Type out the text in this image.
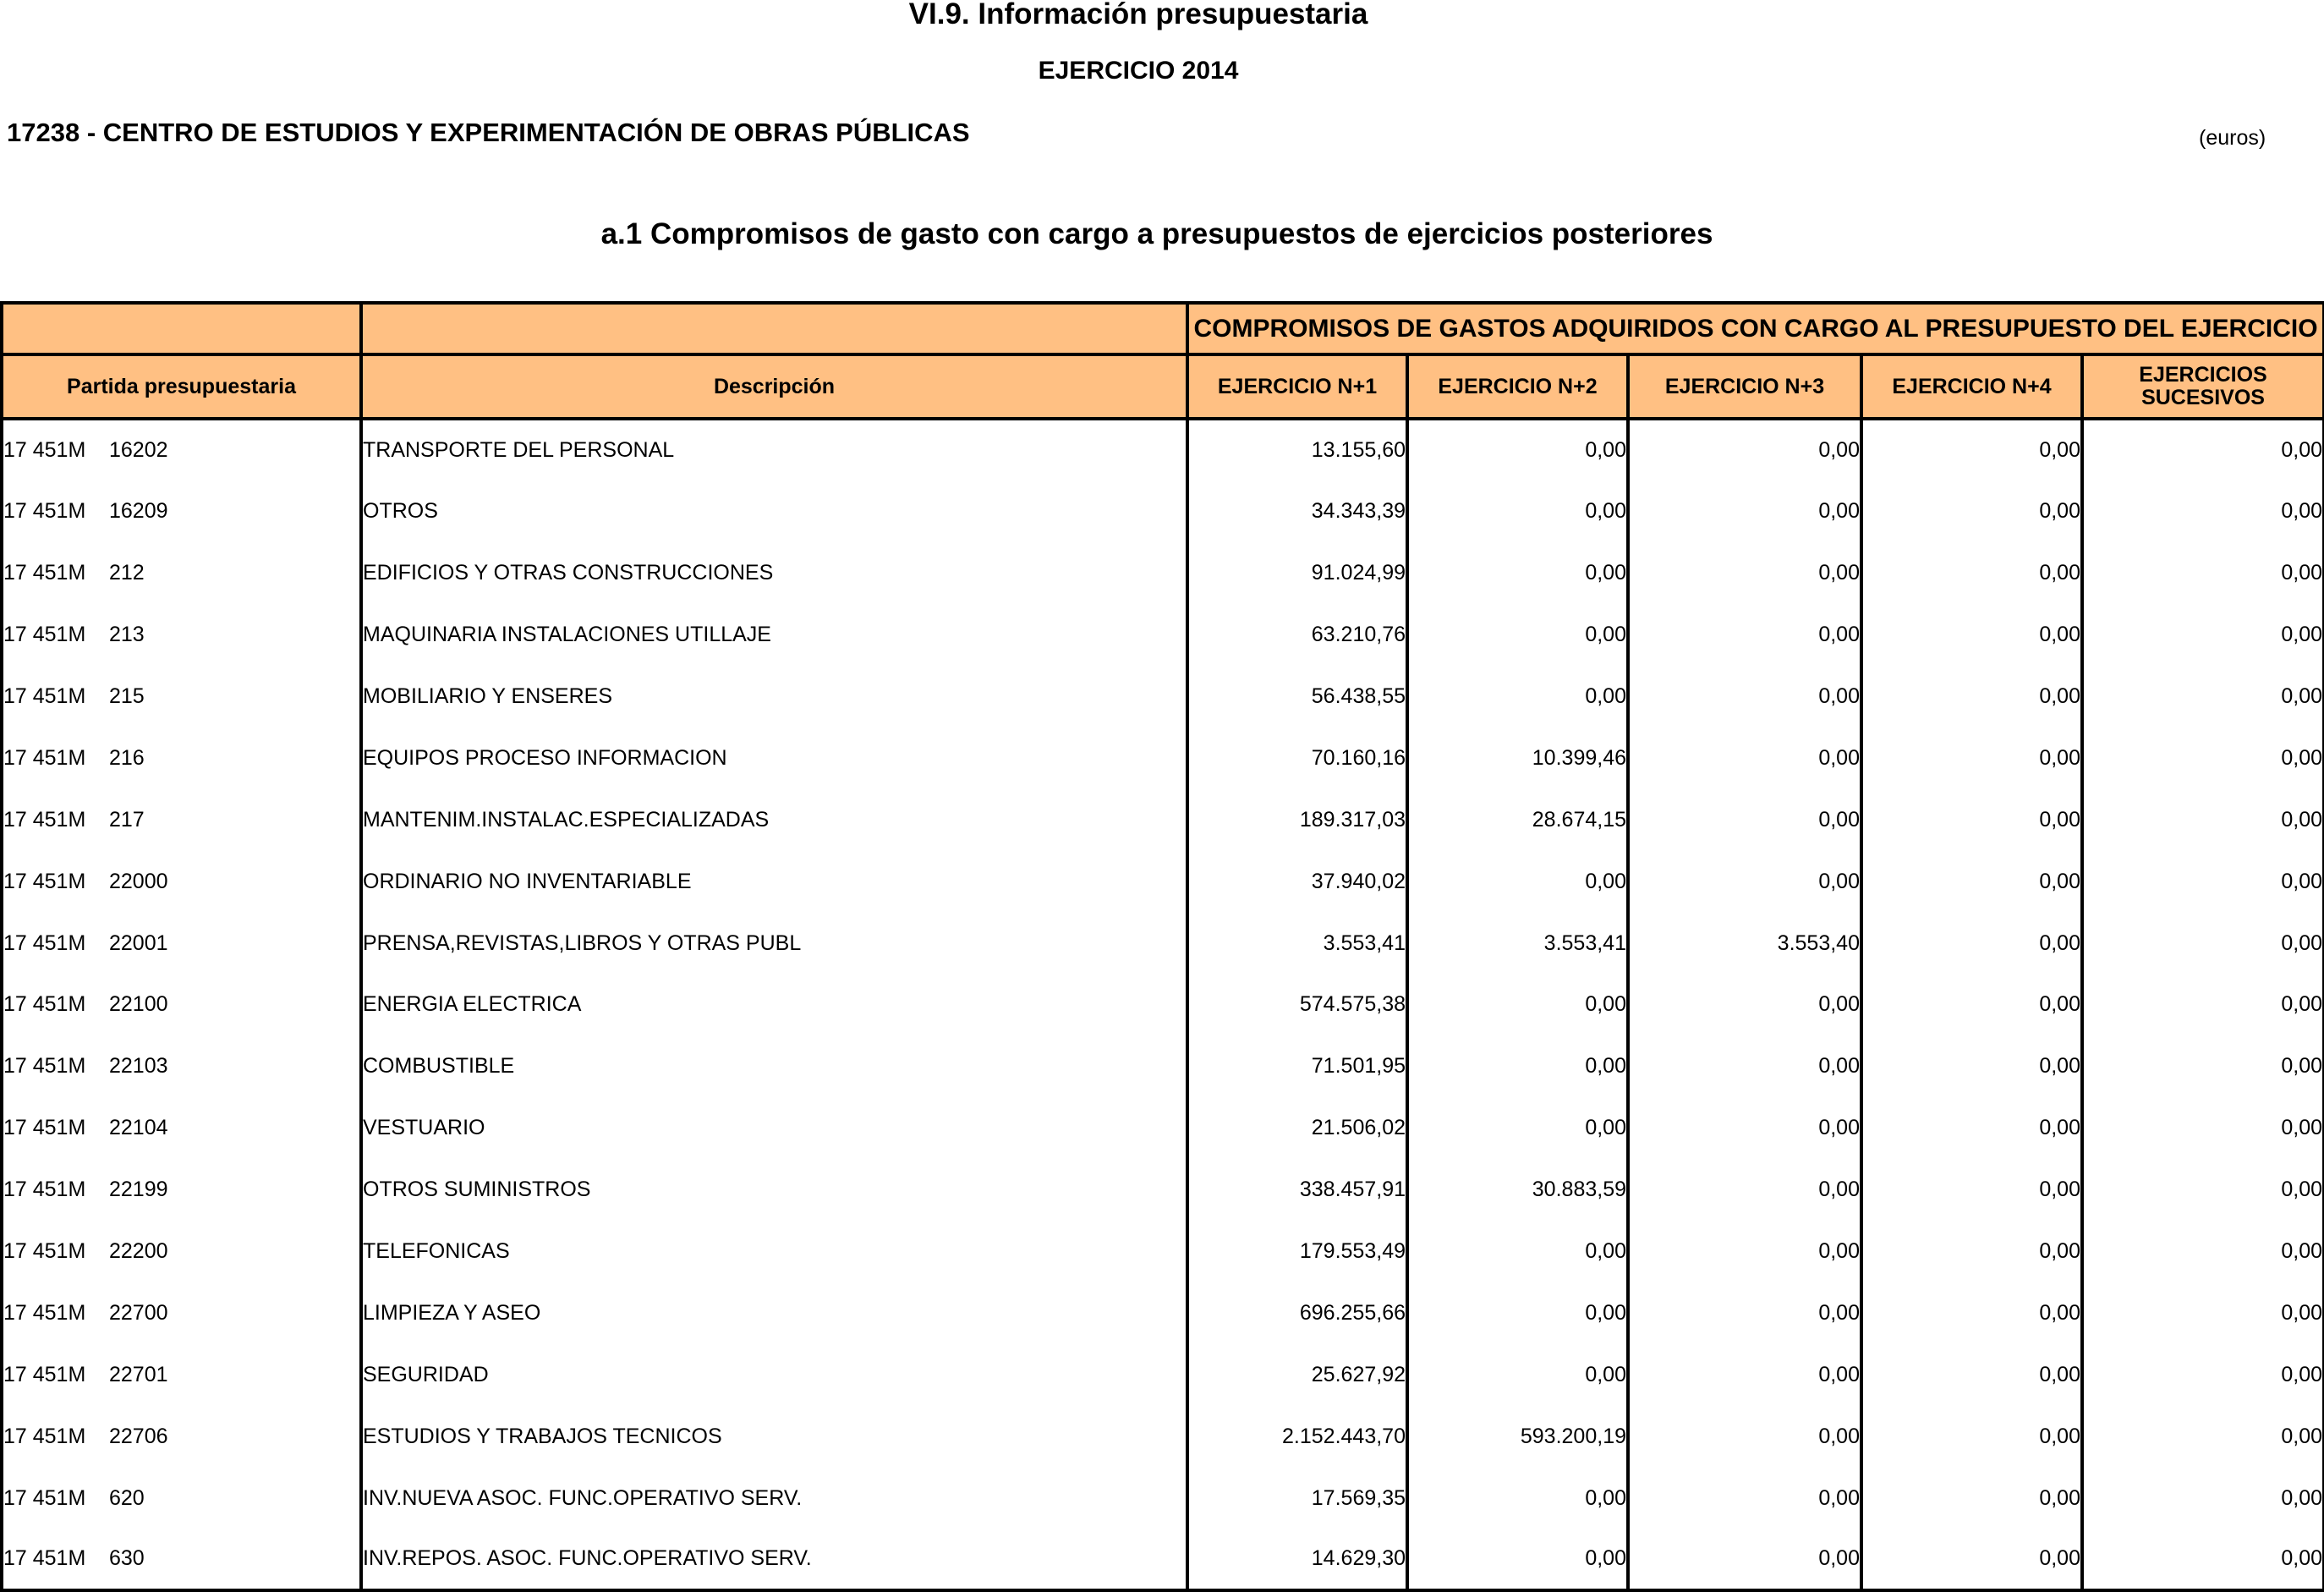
VI.9. Información presupuestaria
EJERCICIO 2014
17238 - CENTRO DE ESTUDIOS Y EXPERIMENTACIÓN DE OBRAS PÚBLICAS	(euros)
a.1 Compromisos de gasto con cargo a presupuestos de ejercicios posteriores
		COMPROMISOS DE GASTOS ADQUIRIDOS CON CARGO AL PRESUPUESTO DEL EJERCICIO				
Partida presupuestaria	Descripción	EJERCICIO N+1	EJERCICIO N+2	EJERCICIO N+3	EJERCICIO N+4	EJERCICIOS SUCESIVOS
17 451M 16202	TRANSPORTE DEL PERSONAL	13.155,60	0,00	0,00	0,00	0,00
17 451M 16209	OTROS	34.343,39	0,00	0,00	0,00	0,00
17 451M 212	EDIFICIOS Y OTRAS CONSTRUCCIONES	91.024,99	0,00	0,00	0,00	0,00
17 451M 213	MAQUINARIA INSTALACIONES UTILLAJE	63.210,76	0,00	0,00	0,00	0,00
17 451M 215	MOBILIARIO Y ENSERES	56.438,55	0,00	0,00	0,00	0,00
17 451M 216	EQUIPOS PROCESO INFORMACION	70.160,16	10.399,46	0,00	0,00	0,00
17 451M 217	MANTENIM.INSTALAC.ESPECIALIZADAS	189.317,03	28.674,15	0,00	0,00	0,00
17 451M 22000	ORDINARIO NO INVENTARIABLE	37.940,02	0,00	0,00	0,00	0,00
17 451M 22001	PRENSA,REVISTAS,LIBROS Y OTRAS PUBL	3.553,41	3.553,41	3.553,40	0,00	0,00
17 451M 22100	ENERGIA ELECTRICA	574.575,38	0,00	0,00	0,00	0,00
17 451M 22103	COMBUSTIBLE	71.501,95	0,00	0,00	0,00	0,00
17 451M 22104	VESTUARIO	21.506,02	0,00	0,00	0,00	0,00
17 451M 22199	OTROS SUMINISTROS	338.457,91	30.883,59	0,00	0,00	0,00
17 451M 22200	TELEFONICAS	179.553,49	0,00	0,00	0,00	0,00
17 451M 22700	LIMPIEZA Y ASEO	696.255,66	0,00	0,00	0,00	0,00
17 451M 22701	SEGURIDAD	25.627,92	0,00	0,00	0,00	0,00
17 451M 22706	ESTUDIOS Y TRABAJOS TECNICOS	2.152.443,70	593.200,19	0,00	0,00	0,00
17 451M 620	INV.NUEVA ASOC. FUNC.OPERATIVO SERV.	17.569,35	0,00	0,00	0,00	0,00
17 451M 630	INV.REPOS. ASOC. FUNC.OPERATIVO SERV.	14.629,30	0,00	0,00	0,00	0,00
